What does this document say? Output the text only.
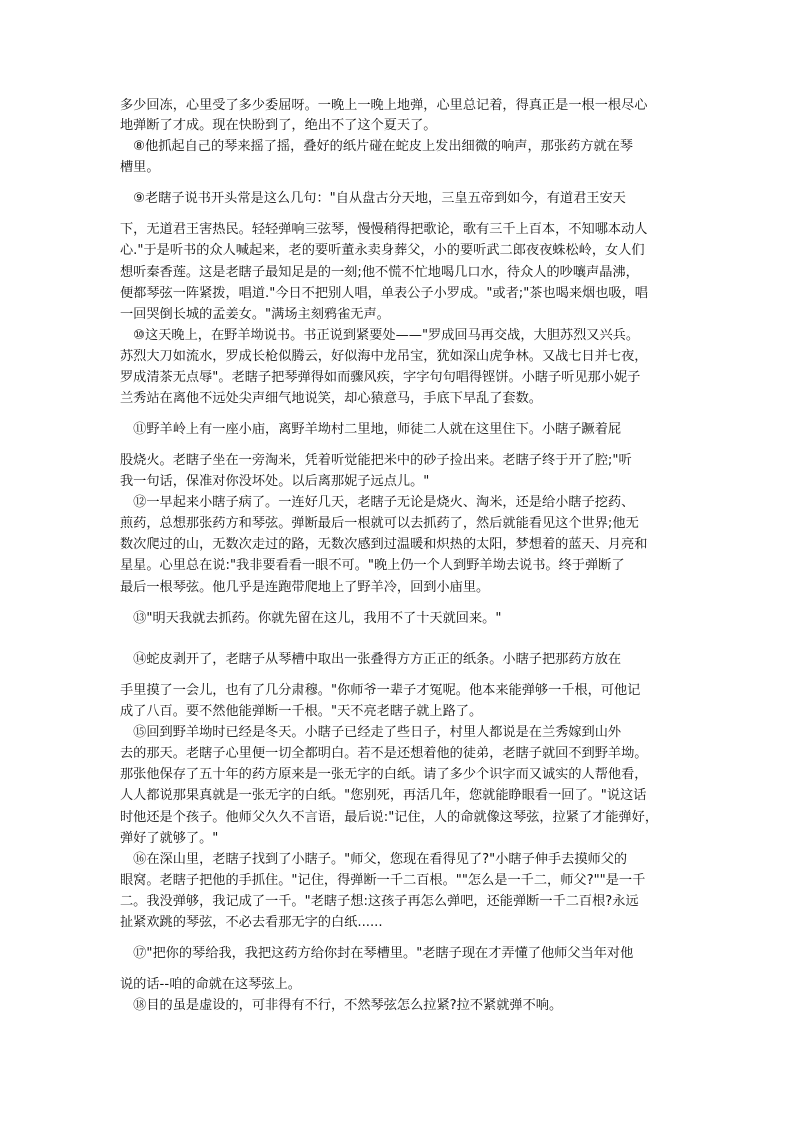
多少回冻，心里受了多少委屈呀。一晚上一晚上地弹，心里总记着，得真正是一根一根尽心
地弹断了才成。现在快盼到了，绝出不了这个夏天了。
　⑧他抓起自己的琴来摇了摇，叠好的纸片碰在蛇皮上发出细微的响声，那张药方就在琴
槽里。
　⑨老瞎子说书开头常是这么几句："自从盘古分天地，三皇五帝到如今，有道君王安天
下，无道君王害热民。轻轻弹响三弦琴，慢慢稍得把歌论，歌有三千上百本，不知哪本动人
心."于是听书的众人喊起来，老的要听董永卖身葬父，小的要听武二郎夜夜蛛松岭，女人们
想听秦香莲。这是老瞎子最知足是的一刻;他不慌不忙地喝几口水，待众人的吵嚷声晶沸，
便都琴弦一阵紧拨，唱道."今日不把别人唱，单表公子小罗成。"或者;"茶也喝来烟也吸，唱
一回哭倒长城的孟姜女。"满场主刻鸦雀无声。
　⑩这天晚上，在野羊坳说书。书正说到紧要处——"罗成回马再交战，大胆苏烈又兴兵。
苏烈大刀如流水，罗成长枪似腾云，好似海中龙吊宝，犹如深山虎争林。又战七日并七夜，
罗成清茶无点辱"。老瞎子把琴弹得如而骤风疾，字字句句唱得铿饼。小瞎子听见那小妮子
兰秀站在离他不远处尖声细气地说笑，却心猿意马，手底下早乱了套数。
　⑪野羊岭上有一座小庙，离野羊坳村二里地，师徒二人就在这里住下。小瞎子蹶着屁
股烧火。老瞎子坐在一旁淘米，凭着听觉能把米中的砂子捡出来。老瞎子终于开了腔;"听
我一句话，保准对你没坏处。以后离那妮子远点儿。"
　⑫一早起来小瞎子病了。一连好几天，老瞎子无论是烧火、淘米，还是给小瞎子挖药、
煎药，总想那张药方和琴弦。弹断最后一根就可以去抓药了，然后就能看见这个世界;他无
数次爬过的山，无数次走过的路，无数次感到过温暖和炽热的太阳，梦想着的蓝天、月亮和
星星。心里总在说:"我非要看看一眼不可。"晚上仍一个人到野羊坳去说书。终于弹断了
最后一根琴弦。他几乎是连跑带爬地上了野羊冷，回到小庙里。
　⑬"明天我就去抓药。你就先留在这儿，我用不了十天就回来。"
　⑭蛇皮剥开了，老瞎子从琴槽中取出一张叠得方方正正的纸条。小瞎子把那药方放在
手里摸了一会儿，也有了几分肃穆。"你师爷一辈子才冤呢。他本来能弹够一千根，可他记
成了八百。要不然他能弹断一千根。"天不亮老瞎子就上路了。
　⑮回到野羊坳时已经是冬天。小瞎子已经走了些日子，村里人都说是在兰秀嫁到山外
去的那天。老瞎子心里便一切全都明白。若不是还想着他的徒弟，老瞎子就回不到野羊坳。
那张他保存了五十年的药方原来是一张无字的白纸。请了多少个识字而又诚实的人帮他看，
人人都说那果真就是一张无字的白纸。"您别死，再活几年，您就能睁眼看一回了。"说这话
时他还是个孩子。他师父久久不言语，最后说:"记住，人的命就像这琴弦，拉紧了才能弹好，
弹好了就够了。"
　⑯在深山里，老瞎子找到了小瞎子。"师父，您现在看得见了?"小瞎子伸手去摸师父的
眼窝。老瞎子把他的手抓住。"记住，得弹断一千二百根。""怎么是一千二，师父?""是一千
二。我没弹够，我记成了一千。"老瞎子想:这孩子再怎么弹吧，还能弹断一千二百根?永远
扯紧欢跳的琴弦，不必去看那无字的白纸......
　⑰"把你的琴给我，我把这药方给你封在琴槽里。"老瞎子现在才弄懂了他师父当年对他
说的话--咱的命就在这琴弦上。
　⑱目的虽是虚设的，可非得有不行，不然琴弦怎么拉紧?拉不紧就弹不响。
